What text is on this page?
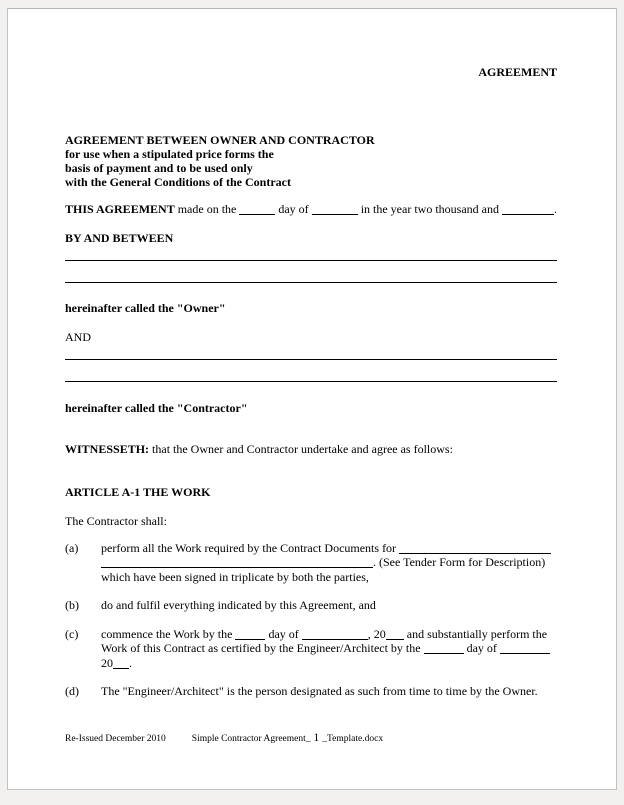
AGREEMENT

AGREEMENT BETWEEN OWNER AND CONTRACTOR

for use when a stipulated price forms the

basis of payment and to be used only

with the General Conditions of the Contract

THIS AGREEMENT made on the	day of	in the year two thousand and	.

BY AND BETWEEN

hereinafter called the "Owner"

AND

hereinafter called the "Contractor"

WITNESSETH: that the Owner and Contractor undertake and agree as follows:

ARTICLE A-1 THE WORK

The Contractor shall:

(a)	perform all the Work required by the Contract Documents for
. (See Tender Form for Description)
which have been signed in triplicate by both the parties,
(b)	do and fulfil everything indicated by this Agreement, and
(c)	commence the Work by the	day of	, 20 and substantially perform the
Work of this Contract as certified by the Engineer/Architect by the	day of
20 .
(d)	The "Engineer/Architect" is the person designated as such from time to time by the Owner.
Re-Issued December 2010	Simple Contractor Agreement_ 1 _Template.docx
